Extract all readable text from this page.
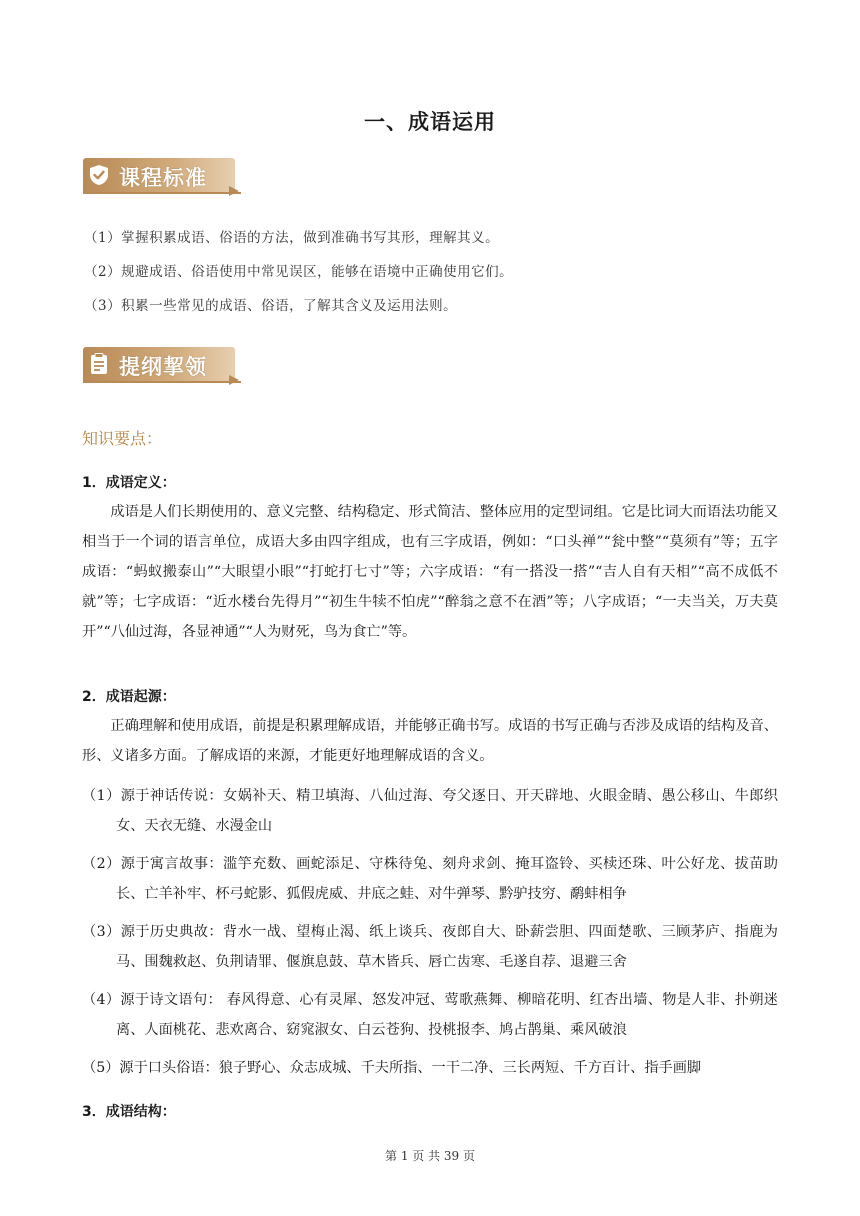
一、成语运用
课程标准
（1）掌握积累成语、俗语的方法，做到准确书写其形，理解其义。
（2）规避成语、俗语使用中常见误区，能够在语境中正确使用它们。
（3）积累一些常见的成语、俗语，了解其含义及运用法则。
提纲挈领
知识要点：
1．成语定义：
成语是人们长期使用的、意义完整、结构稳定、形式简洁、整体应用的定型词组。它是比词大而语法功能又相当于一个词的语言单位，成语大多由四字组成，也有三字成语，例如：“口头禅”“瓮中整”“莫须有”等；五字成语：“蚂蚁搬泰山”“大眼望小眼”“打蛇打七寸”等；六字成语：“有一搭没一搭”“吉人自有天相”“高不成低不就”等；七字成语：“近水楼台先得月”“初生牛犊不怕虎”“醉翁之意不在酒”等；八字成语；“一夫当关，万夫莫开”“八仙过海，各显神通”“人为财死，鸟为食亡”等。
2．成语起源：
正确理解和使用成语，前提是积累理解成语，并能够正确书写。成语的书写正确与否涉及成语的结构及音、形、义诸多方面。了解成语的来源，才能更好地理解成语的含义。
（1）源于神话传说：女娲补天、精卫填海、八仙过海、夸父逐日、开天辟地、火眼金睛、愚公移山、牛郎织女、天衣无缝、水漫金山
（2）源于寓言故事：滥竽充数、画蛇添足、守株待兔、刻舟求剑、掩耳盗铃、买椟还珠、叶公好龙、拔苗助长、亡羊补牢、杯弓蛇影、狐假虎威、井底之蛙、对牛弹琴、黔驴技穷、鹬蚌相争
（3）源于历史典故：背水一战、望梅止渴、纸上谈兵、夜郎自大、卧薪尝胆、四面楚歌、三顾茅庐、指鹿为马、围魏救赵、负荆请罪、偃旗息鼓、草木皆兵、唇亡齿寒、毛遂自荐、退避三舍
（4）源于诗文语句： 春风得意、心有灵犀、怒发冲冠、莺歌燕舞、柳暗花明、红杏出墙、物是人非、扑朔迷离、人面桃花、悲欢离合、窈窕淑女、白云苍狗、投桃报李、鸠占鹊巢、乘风破浪
（5）源于口头俗语：狼子野心、众志成城、千夫所指、一干二净、三长两短、千方百计、指手画脚
3．成语结构：
第 1 页 共 39 页
